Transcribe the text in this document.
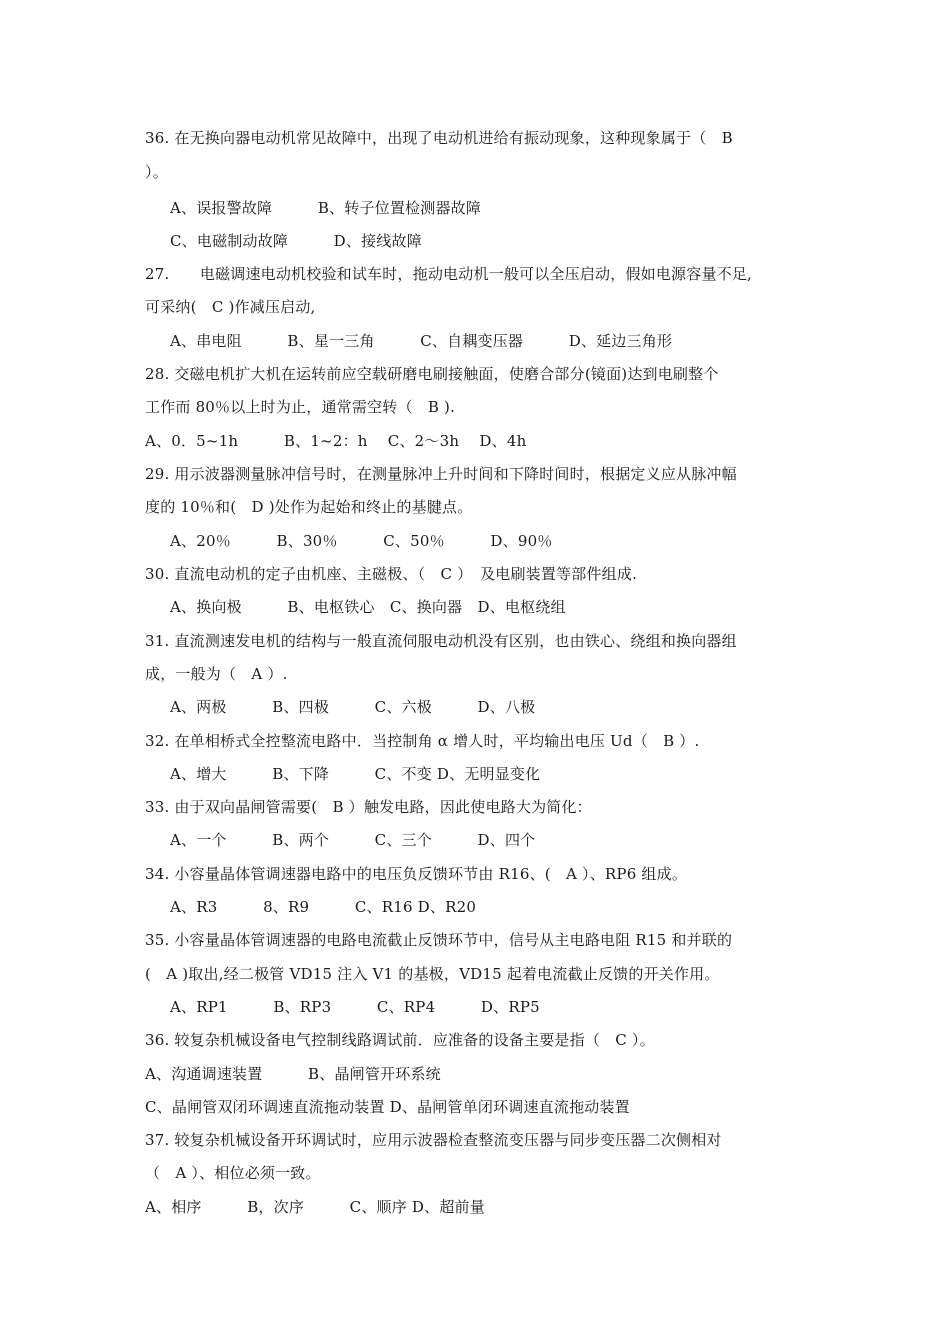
36. 在无换向器电动机常见故障中，出现了电动机进给有振动现象，这种现象属于（　B
）。
A、误报警故障　　　B、转子位置检测器故障
C、电磁制动故障　　　D、接线故障
27.　　电磁调速电动机校验和试车时，拖动电动机一般可以全压启动，假如电源容量不足,
可采纳(　C )作减压启动,
A、串电阻　　　B、星一三角　　　C、自耦变压器　　　D、延边三角形
28. 交磁电机扩大机在运转前应空载研磨电刷接触面，使磨合部分(镜面)达到电刷整个
工作而 80％以上时为止，通常需空转（　B ).
A、0．5~1h　　　B、1~2：h　 C、2～3h　 D、4h
29. 用示波器测量脉冲信号时，在测量脉冲上升时间和下降时间时，根据定义应从脉冲幅
度的 10％和(　D )处作为起始和终止的基腱点。
A、20％　　　B、30％　　　C、50％　　　D、90％
30. 直流电动机的定子由机座、主磁极、（　C ）　及电刷装置等部件组成.
A、换向极　　　B、电枢铁心　C、换向器　D、电枢绕组
31. 直流测速发电机的结构与一般直流伺服电动机没有区别，也由铁心、绕组和换向器组
成，一般为（　A ）.
A、两极　　　B、四极　　　C、六极　　　D、八极
32. 在单相桥式全控整流电路中．当控制角 α 增人时，平均输出电压 Ud（　B ）.
A、增大　　　B、下降　　　C、不变 D、无明显变化
33. 由于双向晶闸管需要(　B ）触发电路，因此使电路大为简化：
A、一个　　　B、两个　　　C、三个　　　D、四个
34. 小容量晶体管调速器电路中的电压负反馈环节由 R16、(　A ）、RP6 组成。
A、R3　　　8、R9　　　C、R16 D、R20
35. 小容量晶体管调速器的电路电流截止反馈环节中，信号从主电路电阻 R15 和并联的
(　A )取出,经二极管 VD15 注入 V1 的基极，VD15 起着电流截止反馈的开关作用。
A、RP1　　　B、RP3　　　C、RP4　　　D、RP5
36. 较复杂机械设备电气控制线路调试前．应准备的设备主要是指（　C ）。
A、沟通调速装置　　　B、晶闸管开环系统
C、晶闸管双闭环调速直流拖动装置 D、晶闸管单闭环调速直流拖动装置
37. 较复杂机械设备开环调试时，应用示波器检查整流变压器与同步变压器二次侧相对
（　A ）、相位必须一致。
A、相序　　　B，次序　　　C、顺序 D、超前量
